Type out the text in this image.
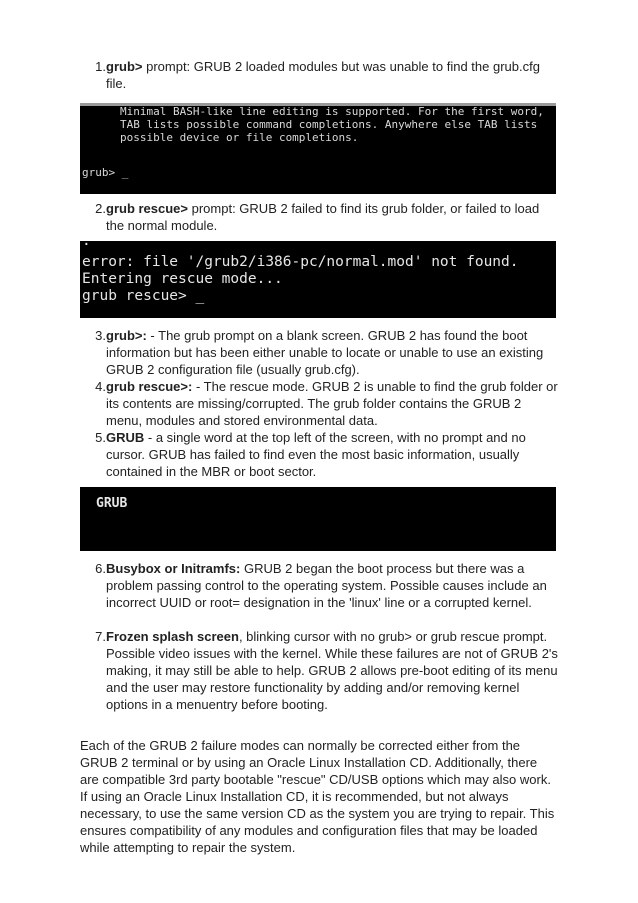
1. grub> prompt: GRUB 2 loaded modules but was unable to find the grub.cfg file.

Minimal BASH-like line editing is supported. For the first word,

TAB lists possible command completions. Anywhere else TAB lists

possible device or file completions.

grub> _

2. grub rescue> prompt: GRUB 2 failed to find its grub folder, or failed to load the normal module.

.

error: file '/grub2/i386-pc/normal.mod' not found.

Entering rescue mode...

grub rescue> _

3. grub>: - The grub prompt on a blank screen. GRUB 2 has found the boot information but has been either unable to locate or unable to use an existing GRUB 2 configuration file (usually grub.cfg).
4. grub rescue>: - The rescue mode. GRUB 2 is unable to find the grub folder or its contents are missing/corrupted. The grub folder contains the GRUB 2 menu, modules and stored environmental data.
5. GRUB - a single word at the top left of the screen, with no prompt and no cursor. GRUB has failed to find even the most basic information, usually contained in the MBR or boot sector.

GRUB

6. Busybox or Initramfs: GRUB 2 began the boot process but there was a problem passing control to the operating system. Possible causes include an incorrect UUID or root= designation in the 'linux' line or a corrupted kernel.
7. Frozen splash screen, blinking cursor with no grub> or grub rescue prompt. Possible video issues with the kernel. While these failures are not of GRUB 2's making, it may still be able to help. GRUB 2 allows pre-boot editing of its menu and the user may restore functionality by adding and/or removing kernel options in a menuentry before booting.

Each of the GRUB 2 failure modes can normally be corrected either from the GRUB 2 terminal or by using an Oracle Linux Installation CD. Additionally, there are compatible 3rd party bootable "rescue" CD/USB options which may also work. If using an Oracle Linux Installation CD, it is recommended, but not always necessary, to use the same version CD as the system you are trying to repair. This ensures compatibility of any modules and configuration files that may be loaded while attempting to repair the system.
